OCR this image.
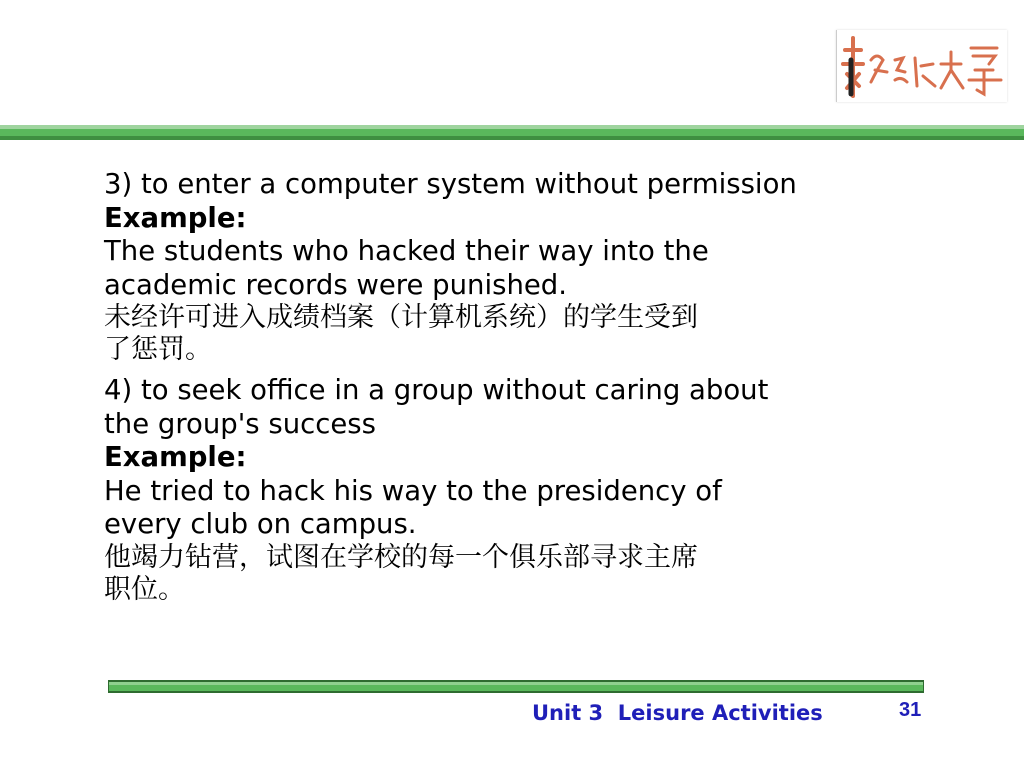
3) to enter a computer system without permission
Example:
The students who hacked their way into the
academic records were punished.
未经许可进入成绩档案（计算机系统）的学生受到
了惩罚。
4) to seek office in a group without caring about
the group's success
Example:
He tried to hack his way to the presidency of
every club on campus.
他竭力钻营，试图在学校的每一个俱乐部寻求主席
职位。
Unit 3 Leisure Activities	31
